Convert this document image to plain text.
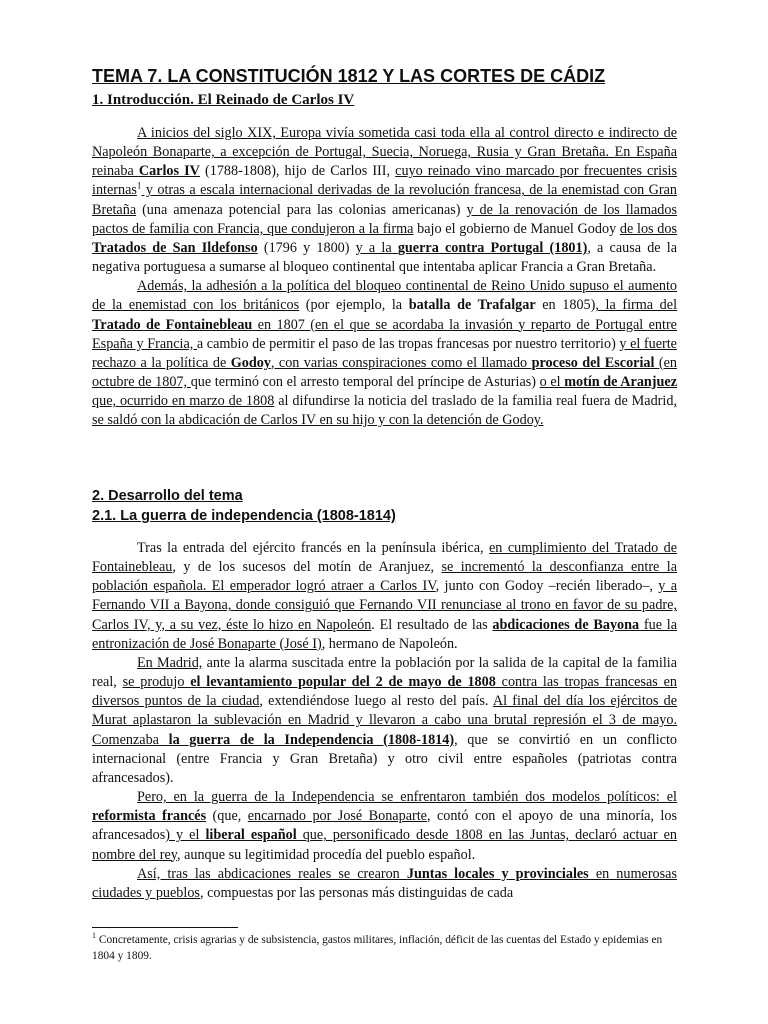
TEMA 7. LA CONSTITUCIÓN 1812 Y LAS CORTES DE CÁDIZ
1. Introducción. El Reinado de Carlos IV

A inicios del siglo XIX, Europa vivía sometida casi toda ella al control directo e indirecto de Napoleón Bonaparte, a excepción de Portugal, Suecia, Noruega, Rusia y Gran Bretaña. En España reinaba Carlos IV (1788-1808), hijo de Carlos III, cuyo reinado vino marcado por frecuentes crisis internas$^1$ y otras a escala internacional derivadas de la revolución francesa, de la enemistad con Gran Bretaña (una amenaza potencial para las colonias americanas) y de la renovación de los llamados pactos de familia con Francia, que condujeron a la firma bajo el gobierno de Manuel Godoy de los dos Tratados de San Ildefonso (1796 y 1800) y a la guerra contra Portugal (1801), a causa de la negativa portuguesa a sumarse al bloqueo continental que intentaba aplicar Francia a Gran Bretaña.

Además, la adhesión a la política del bloqueo continental de Reino Unido supuso el aumento de la enemistad con los británicos (por ejemplo, la batalla de Trafalgar en 1805), la firma del Tratado de Fontainebleau en 1807 (en el que se acordaba la invasión y reparto de Portugal entre España y Francia, a cambio de permitir el paso de las tropas francesas por nuestro territorio) y el fuerte rechazo a la política de Godoy, con varias conspiraciones como el llamado proceso del Escorial (en octubre de 1807, que terminó con el arresto temporal del príncipe de Asturias) o el motín de Aranjuez que, ocurrido en marzo de 1808 al difundirse la noticia del traslado de la familia real fuera de Madrid, se saldó con la abdicación de Carlos IV en su hijo y con la detención de Godoy.

2. Desarrollo del tema
2.1. La guerra de independencia (1808-1814)

Tras la entrada del ejército francés en la península ibérica, en cumplimiento del Tratado de Fontainebleau, y de los sucesos del motín de Aranjuez, se incrementó la desconfianza entre la población española. El emperador logró atraer a Carlos IV, junto con Godoy –recién liberado–, y a Fernando VII a Bayona, donde consiguió que Fernando VII renunciase al trono en favor de su padre, Carlos IV, y, a su vez, éste lo hizo en Napoleón. El resultado de las abdicaciones de Bayona fue la entronización de José Bonaparte (José I), hermano de Napoleón.

En Madrid, ante la alarma suscitada entre la población por la salida de la capital de la familia real, se produjo el levantamiento popular del 2 de mayo de 1808 contra las tropas francesas en diversos puntos de la ciudad, extendiéndose luego al resto del país. Al final del día los ejércitos de Murat aplastaron la sublevación en Madrid y llevaron a cabo una brutal represión el 3 de mayo. Comenzaba la guerra de la Independencia (1808-1814), que se convirtió en un conflicto internacional (entre Francia y Gran Bretaña) y otro civil entre españoles (patriotas contra afrancesados).

Pero, en la guerra de la Independencia se enfrentaron también dos modelos políticos: el reformista francés (que, encarnado por José Bonaparte, contó con el apoyo de una minoría, los afrancesados) y el liberal español que, personificado desde 1808 en las Juntas, declaró actuar en nombre del rey, aunque su legitimidad procedía del pueblo español.

Así, tras las abdicaciones reales se crearon Juntas locales y provinciales en numerosas ciudades y pueblos, compuestas por las personas más distinguidas de cada

$^1$ Concretamente, crisis agrarias y de subsistencia, gastos militares, inflación, déficit de las cuentas del Estado y epidemias en 1804 y 1809.
